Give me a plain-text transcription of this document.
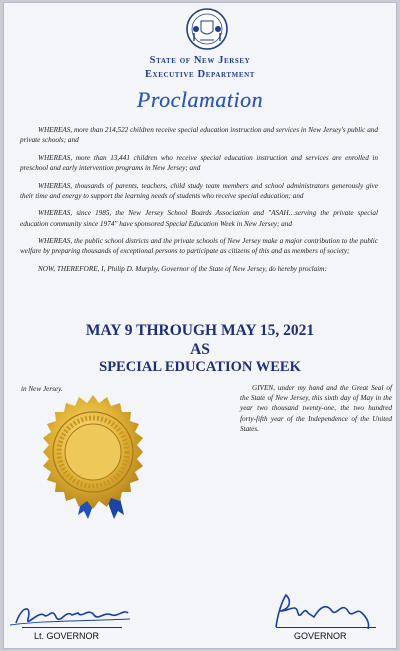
State of New Jersey
Executive Department
Proclamation

WHEREAS, more than 214,522 children receive special education instruction and services in New Jersey's public and private schools; and

WHEREAS, more than 13,441 children who receive special education instruction and services are enrolled in preschool and early intervention programs in New Jersey; and

WHEREAS, thousands of parents, teachers, child study team members and school administrators generously give their time and energy to support the learning needs of students who receive special education; and

WHEREAS, since 1985, the New Jersey School Boards Association and "ASAH…serving the private special education community since 1974" have sponsored Special Education Week in New Jersey; and

WHEREAS, the public school districts and the private schools of New Jersey make a major contribution to the public welfare by preparing thousands of exceptional persons to participate as citizens of this and as members of society;

NOW, THEREFORE, I, Philip D. Murphy, Governor of the State of New Jersey, do hereby proclaim:

MAY 9 THROUGH MAY 15, 2021
AS
SPECIAL EDUCATION WEEK
in New Jersey.	GIVEN, under my hand and the Great Seal of the State of New Jersey, this sixth day of May in the year two thousand twenty-one, the two hundred forty-fifth year of the Independence of the United States.
Lt. GOVERNOR	GOVERNOR
